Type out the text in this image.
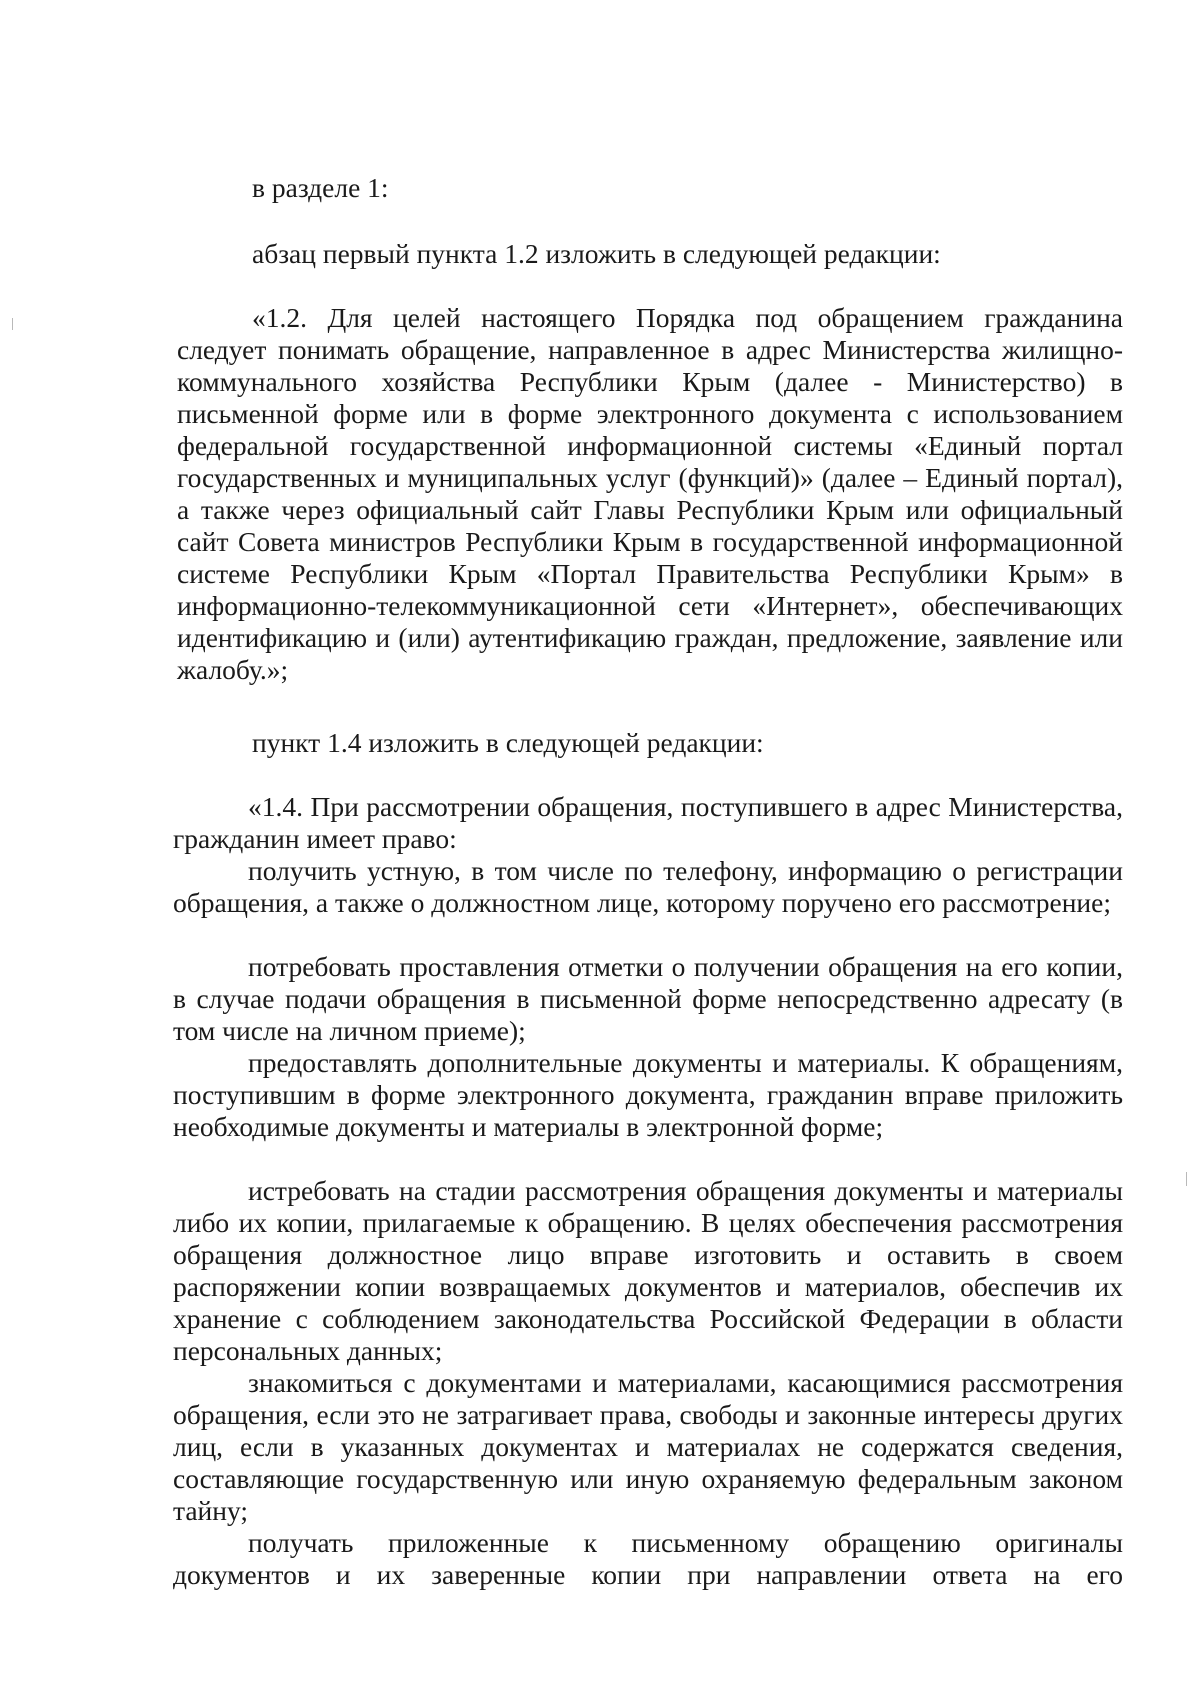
в разделе 1:

абзац первый пункта 1.2 изложить в следующей редакции:

«1.2. Для целей настоящего Порядка под обращением гражданина следует понимать обращение, направленное в адрес Министерства жилищно-коммунального хозяйства Республики Крым (далее - Министерство) в письменной форме или в форме электронного документа с использованием федеральной государственной информационной системы «Единый портал государственных и муниципальных услуг (функций)» (далее – Единый портал), а также через официальный сайт Главы Республики Крым или официальный сайт Совета министров Республики Крым в государственной информационной системе Республики Крым «Портал Правительства Республики Крым» в информационно-телекоммуникационной сети «Интернет», обеспечивающих идентификацию и (или) аутентификацию граждан, предложение, заявление или жалобу.»;

пункт 1.4 изложить в следующей редакции:

«1.4. При рассмотрении обращения, поступившего в адрес Министерства, гражданин имеет право:

получить устную, в том числе по телефону, информацию о регистрации обращения, а также о должностном лице, которому поручено его рассмотрение;

потребовать проставления отметки о получении обращения на его копии, в случае подачи обращения в письменной форме непосредственно адресату (в том числе на личном приеме);

предоставлять дополнительные документы и материалы. К обращениям, поступившим в форме электронного документа, гражданин вправе приложить необходимые документы и материалы в электронной форме;

истребовать на стадии рассмотрения обращения документы и материалы либо их копии, прилагаемые к обращению. В целях обеспечения рассмотрения обращения должностное лицо вправе изготовить и оставить в своем распоряжении копии возвращаемых документов и материалов, обеспечив их хранение с соблюдением законодательства Российской Федерации в области персональных данных;

знакомиться с документами и материалами, касающимися рассмотрения обращения, если это не затрагивает права, свободы и законные интересы других лиц, если в указанных документах и материалах не содержатся сведения, составляющие государственную или иную охраняемую федеральным законом тайну;

получать приложенные к письменному обращению оригиналы документов и их заверенные копии при направлении ответа на его
